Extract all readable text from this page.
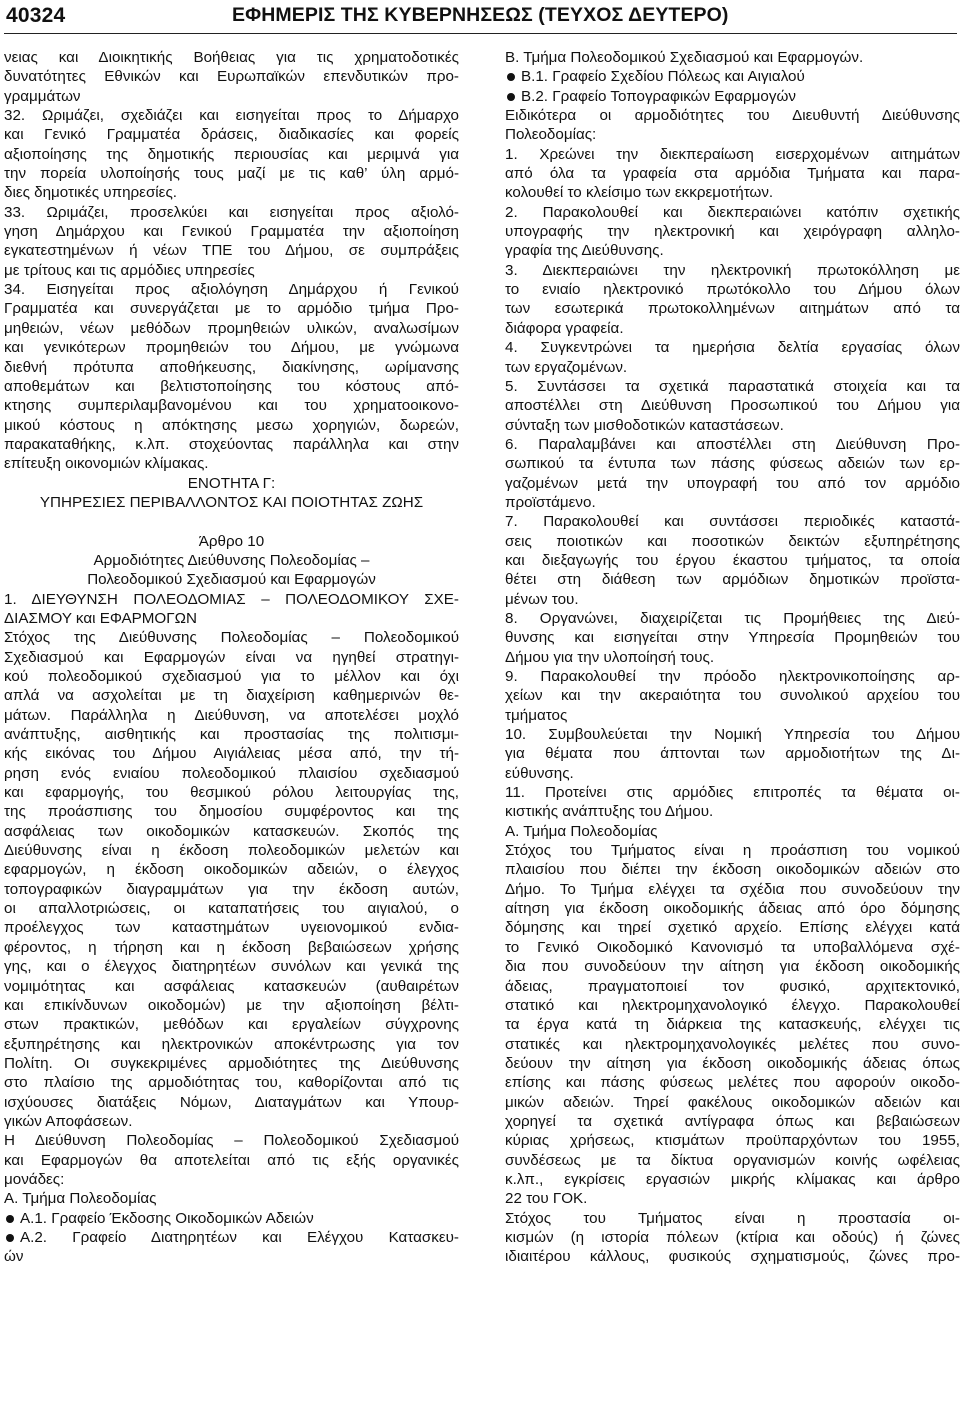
40324	ΕΦΗΜΕΡΙΣ ΤΗΣ ΚΥΒΕΡΝΗΣΕΩΣ (ΤΕΥΧΟΣ ΔΕΥΤΕΡΟ)
νειας και Διοικητικής Βοήθειας για τις χρηματοδοτικές
δυνατότητες Εθνικών και Ευρωπαϊκών επενδυτικών προ-
γραμμάτων
32. Ωριμάζει, σχεδιάζει και εισηγείται προς το Δήμαρχο
και Γενικό Γραμματέα δράσεις, διαδικασίες και φορείς
αξιοποίησης της δημοτικής περιουσίας και μεριμνά για
την πορεία υλοποίησής τους μαζί με τις καθ’ ύλη αρμό-
διες δημοτικές υπηρεσίες.
33. Ωριμάζει, προσελκύει και εισηγείται προς αξιολό-
γηση Δημάρχου και Γενικού Γραμματέα την αξιοποίηση
εγκατεστημένων ή νέων ΤΠΕ του Δήμου, σε συμπράξεις
με τρίτους και τις αρμόδιες υπηρεσίες
34. Εισηγείται προς αξιολόγηση Δημάρχου ή Γενικού
Γραμματέα και συνεργάζεται με το αρμόδιο τμήμα Προ-
μηθειών, νέων μεθόδων προμηθειών υλικών, αναλωσίμων
και γενικότερων προμηθειών του Δήμου, με γνώμωνα
διεθνή πρότυπα αποθήκευσης, διακίνησης, ωρίμανσης
αποθεμάτων και βελτιστοποίησης του κόστους από-
κτησης συμπεριλαμβανομένου και του χρηματοοικονο-
μικού κόστους η απόκτησης μεσω χορηγιών, δωρεών,
παρακαταθήκης, κ.λπ. στοχεύοντας παράλληλα και στην
επίτευξη οικονομιών κλίμακας.
ΕΝΟΤΗΤΑ Γ:
ΥΠΗΡΕΣΙΕΣ ΠΕΡΙΒΑΛΛΟΝΤΟΣ ΚΑΙ ΠΟΙΟΤΗΤΑΣ ΖΩΗΣ
Άρθρο 10
Αρμοδιότητες Διεύθυνσης Πολεοδομίας –
Πολεοδομικού Σχεδιασμού και Εφαρμογών
1. ΔΙΕΥΘΥΝΣΗ ΠΟΛΕΟΔΟΜΙΑΣ – ΠΟΛΕΟΔΟΜΙΚΟΥ ΣΧΕ-
ΔΙΑΣΜΟΥ και ΕΦΑΡΜΟΓΩΝ
Στόχος της Διεύθυνσης Πολεοδομίας – Πολεοδομικού
Σχεδιασμού και Εφαρμογών είναι να ηγηθεί στρατηγι-
κού πολεοδομικού σχεδιασμού για το μέλλον και όχι
απλά να ασχολείται με τη διαχείριση καθημερινών θε-
μάτων. Παράλληλα η Διεύθυνση, να αποτελέσει μοχλό
ανάπτυξης, αισθητικής και προστασίας της πολιτισμι-
κής εικόνας του Δήμου Αιγιάλειας μέσα από, την τή-
ρηση ενός ενιαίου πολεοδομικού πλαισίου σχεδιασμού
και εφαρμογής, του θεσμικού ρόλου λειτουργίας της,
της προάσπισης του δημοσίου συμφέροντος και της
ασφάλειας των οικοδομικών κατασκευών. Σκοπός της
Διεύθυνσης είναι η έκδοση πολεοδομικών μελετών και
εφαρμογών, η έκδοση οικοδομικών αδειών, ο έλεγχος
τοπογραφικών διαγραμμάτων για την έκδοση αυτών,
οι απαλλοτριώσεις, οι καταπατήσεις του αιγιαλού, ο
προέλεγχος των καταστημάτων υγειονομικού ενδια-
φέροντος, η τήρηση και η έκδοση βεβαιώσεων χρήσης
γης, και ο έλεγχος διατηρητέων συνόλων και γενικά της
νομιμότητας και ασφάλειας κατασκευών (αυθαιρέτων
και επικίνδυνων οικοδομών) με την αξιοποίηση βέλτι-
στων πρακτικών, μεθόδων και εργαλείων σύγχρονης
εξυπηρέτησης και ηλεκτρονικών αποκέντρωσης για τον
Πολίτη. Οι συγκεκριμένες αρμοδιότητες της Διεύθυνσης
στο πλαίσιο της αρμοδιότητας του, καθορίζονται από τις
ισχύουσες διατάξεις Νόμων, Διαταγμάτων και Υπουρ-
γικών Αποφάσεων.
Η Διεύθυνση Πολεοδομίας – Πολεοδομικού Σχεδιασμού
και Εφαρμογών θα αποτελείται από τις εξής οργανικές
μονάδες:
Α. Τμήμα Πολεοδομίας
Α.1. Γραφείο Έκδοσης Οικοδομικών Αδειών
Α.2. Γραφείο Διατηρητέων και Ελέγχου Κατασκευ-
ών
Β. Τμήμα Πολεοδομικού Σχεδιασμού και Εφαρμογών.
Β.1. Γραφείο Σχεδίου Πόλεως και Αιγιαλού
Β.2. Γραφείο Τοπογραφικών Εφαρμογών
Ειδικότερα οι αρμοδιότητες του Διευθυντή Διεύθυνσης
Πολεοδομίας:
1. Χρεώνει την διεκπεραίωση εισερχομένων αιτημάτων
από όλα τα γραφεία στα αρμόδια Τμήματα και παρα-
κολουθεί το κλείσιμο των εκκρεμοτήτων.
2. Παρακολουθεί και διεκπεραιώνει κατόπιν σχετικής
υπογραφής την ηλεκτρονική και χειρόγραφη αλληλο-
γραφία της Διεύθυνσης.
3. Διεκπεραιώνει την ηλεκτρονική πρωτοκόλληση με
το ενιαίο ηλεκτρονικό πρωτόκολλο του Δήμου όλων
των εσωτερικά πρωτοκολλημένων αιτημάτων από τα
διάφορα γραφεία.
4. Συγκεντρώνει τα ημερήσια δελτία εργασίας όλων
των εργαζομένων.
5. Συντάσσει τα σχετικά παραστατικά στοιχεία και τα
αποστέλλει στη Διεύθυνση Προσωπικού του Δήμου για
σύνταξη των μισθοδοτικών καταστάσεων.
6. Παραλαμβάνει και αποστέλλει στη Διεύθυνση Προ-
σωπικού τα έντυπα των πάσης φύσεως αδειών των ερ-
γαζομένων μετά την υπογραφή του από τον αρμόδιο
προϊστάμενο.
7. Παρακολουθεί και συντάσσει περιοδικές καταστά-
σεις ποιοτικών και ποσοτικών δεικτών εξυπηρέτησης
και διεξαγωγής του έργου έκαστου τμήματος, τα οποία
θέτει στη διάθεση των αρμόδιων δημοτικών προϊστα-
μένων του.
8. Οργανώνει, διαχειρίζεται τις Προμήθειες της Διεύ-
θυνσης και εισηγείται στην Υπηρεσία Προμηθειών του
Δήμου για την υλοποίησή τους.
9. Παρακολουθεί την πρόοδο ηλεκτρονικοποίησης αρ-
χείων και την ακεραιότητα του συνολικού αρχείου του
τμήματος
10. Συμβουλεύεται την Νομική Υπηρεσία του Δήμου
για θέματα που άπτονται των αρμοδιοτήτων της Δι-
εύθυνσης.
11. Προτείνει στις αρμόδιες επιτροπές τα θέματα οι-
κιστικής ανάπτυξης του Δήμου.
Α. Τμήμα Πολεοδομίας
Στόχος του Τμήματος είναι η προάσπιση του νομικού
πλαισίου που διέπει την έκδοση οικοδομικών αδειών στο
Δήμο. Το Τμήμα ελέγχει τα σχέδια που συνοδεύουν την
αίτηση για έκδοση οικοδομικής άδειας από όρο δόμησης
δόμησης και τηρεί σχετικό αρχείο. Επίσης ελέγχει κατά
το Γενικό Οικοδομικό Κανονισμό τα υποβαλλόμενα σχέ-
δια που συνοδεύουν την αίτηση για έκδοση οικοδομικής
άδειας, πραγματοποιεί τον φυσικό, αρχιτεκτονικό,
στατικό και ηλεκτρομηχανολογικό έλεγχο. Παρακολουθεί
τα έργα κατά τη διάρκεια της κατασκευής, ελέγχει τις
στατικές και ηλεκτρομηχανολογικές μελέτες που συνο-
δεύουν την αίτηση για έκδοση οικοδομικής άδειας όπως
επίσης και πάσης φύσεως μελέτες που αφορούν οικοδο-
μικών αδειών. Τηρεί φακέλους οικοδομικών αδειών και
χορηγεί τα σχετικά αντίγραφα όπως και βεβαιώσεων
κύριας χρήσεως, κτισμάτων προϋπαρχόντων του 1955,
συνδέσεως με τα δίκτυα οργανισμών κοινής ωφέλειας
κ.λπ., εγκρίσεις εργασιών μικρής κλίμακας και άρθρο
22 του ΓΟΚ.
Στόχος του Τμήματος είναι η προστασία οι-
κισμών (η ιστορία πόλεων (κτίρια και οδούς) ή ζώνες
ιδιαιτέρου κάλλους, φυσικούς σχηματισμούς, ζώνες προ-
